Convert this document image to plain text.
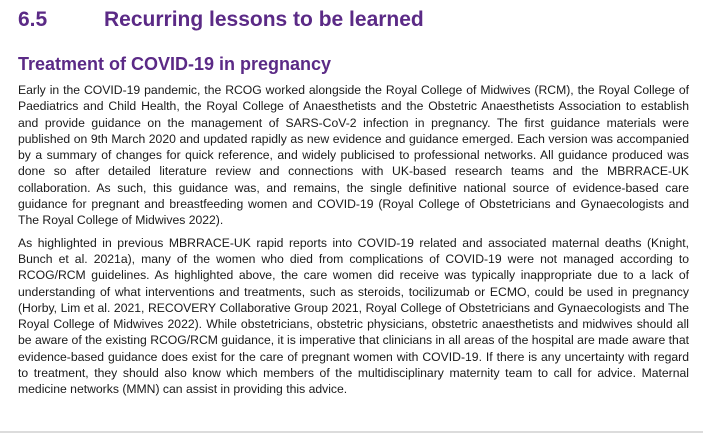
6.5	Recurring lessons to be learned
Treatment of COVID-19 in pregnancy

Early in the COVID-19 pandemic, the RCOG worked alongside the Royal College of Midwives (RCM), the Royal College of Paediatrics and Child Health, the Royal College of Anaesthetists and the Obstetric Anaesthetists Association to establish and provide guidance on the management of SARS-CoV-2 infection in pregnancy. The first guidance materials were published on 9th March 2020 and updated rapidly as new evidence and guidance emerged. Each version was accompanied by a summary of changes for quick reference, and widely publicised to professional networks. All guidance produced was done so after detailed literature review and connections with UK-based research teams and the MBRRACE-UK collaboration. As such, this guidance was, and remains, the single definitive national source of evidence-based care guidance for pregnant and breastfeeding women and COVID-19 (Royal College of Obstetricians and Gynaecologists and The Royal College of Midwives 2022).

As highlighted in previous MBRRACE-UK rapid reports into COVID-19 related and associated maternal deaths (Knight, Bunch et al. 2021a), many of the women who died from complications of COVID-19 were not managed according to RCOG/RCM guidelines. As highlighted above, the care women did receive was typically inappropriate due to a lack of understanding of what interventions and treatments, such as steroids, tocilizumab or ECMO, could be used in pregnancy (Horby, Lim et al. 2021, RECOVERY Collaborative Group 2021, Royal College of Obstetricians and Gynaecologists and The Royal College of Midwives 2022). While obstetricians, obstetric physicians, obstetric anaesthetists and midwives should all be aware of the existing RCOG/RCM guidance, it is imperative that clinicians in all areas of the hospital are made aware that evidence-based guidance does exist for the care of pregnant women with COVID-19. If there is any uncertainty with regard to treatment, they should also know which members of the multidisciplinary maternity team to call for advice. Maternal medicine networks (MMN) can assist in providing this advice.
